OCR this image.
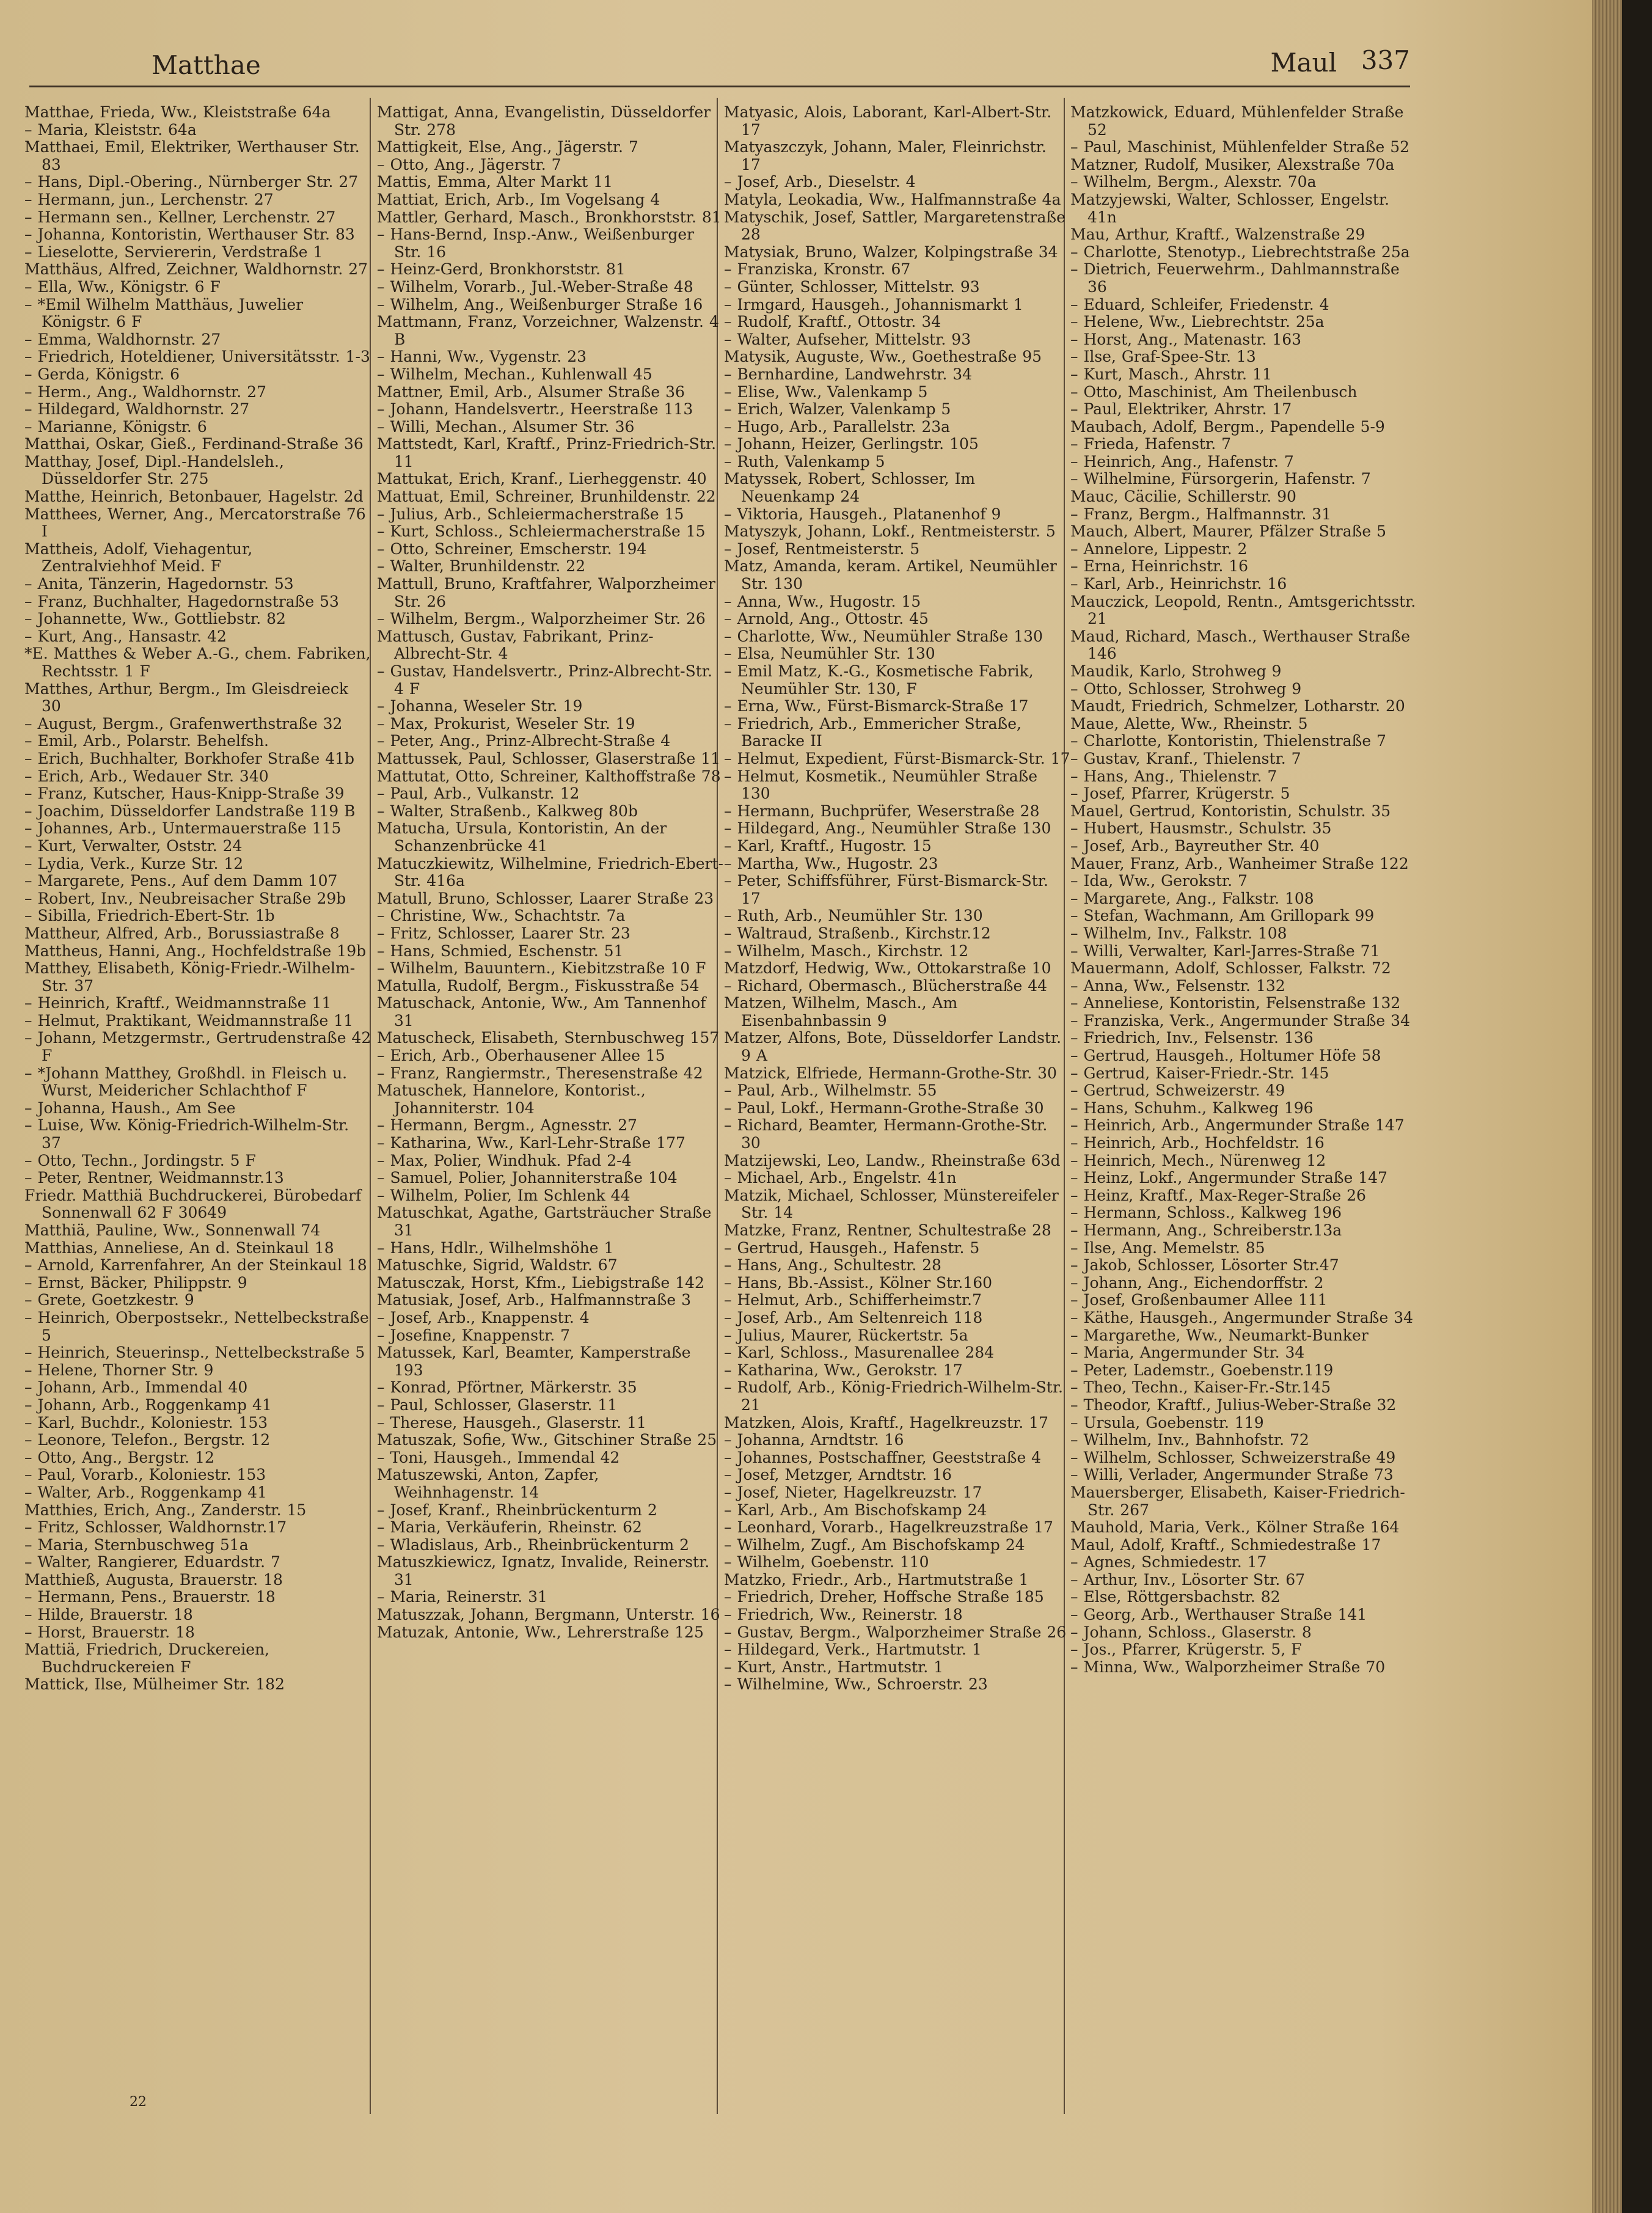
Matthae	Maul 337
Matthae, Frieda, Ww., Kleiststraße 64a
– Maria, Kleiststr. 64a
Matthaei, Emil, Elektriker, Werthauser Str. 83
– Hans, Dipl.-Obering., Nürnberger Str. 27
– Hermann, jun., Lerchenstr. 27
– Hermann sen., Kellner, Lerchenstr. 27
– Johanna, Kontoristin, Werthauser Str. 83
– Lieselotte, Serviererin, Verdstraße 1
Matthäus, Alfred, Zeichner, Waldhornstr. 27
– Ella, Ww., Königstr. 6 F
– *Emil Wilhelm Matthäus, Juwelier Königstr. 6 F
– Emma, Waldhornstr. 27
– Friedrich, Hoteldiener, Universitätsstr. 1-3
– Gerda, Königstr. 6
– Herm., Ang., Waldhornstr. 27
– Hildegard, Waldhornstr. 27
– Marianne, Königstr. 6
Matthai, Oskar, Gieß., Ferdinand-Straße 36
Matthay, Josef, Dipl.-Handelsleh., Düsseldorfer Str. 275
Matthe, Heinrich, Betonbauer, Hagelstr. 2d
Matthees, Werner, Ang., Mercatorstraße 76 I
Mattheis, Adolf, Viehagentur, Zentralviehhof Meid. F
– Anita, Tänzerin, Hagedornstr. 53
– Franz, Buchhalter, Hagedornstraße 53
– Johannette, Ww., Gottliebstr. 82
– Kurt, Ang., Hansastr. 42
*E. Matthes & Weber A.-G., chem. Fabriken, Rechtsstr. 1 F
Matthes, Arthur, Bergm., Im Gleisdreieck 30
– August, Bergm., Grafenwerthstraße 32
– Emil, Arb., Polarstr. Behelfsh.
– Erich, Buchhalter, Borkhofer Straße 41b
– Erich, Arb., Wedauer Str. 340
– Franz, Kutscher, Haus-Knipp-Straße 39
– Joachim, Düsseldorfer Landstraße 119 B
– Johannes, Arb., Untermauerstraße 115
– Kurt, Verwalter, Oststr. 24
– Lydia, Verk., Kurze Str. 12
– Margarete, Pens., Auf dem Damm 107
– Robert, Inv., Neubreisacher Straße 29b
– Sibilla, Friedrich-Ebert-Str. 1b
Mattheur, Alfred, Arb., Borussiastraße 8
Mattheus, Hanni, Ang., Hochfeldstraße 19b
Matthey, Elisabeth, König-Friedr.-Wilhelm-Str. 37
– Heinrich, Kraftf., Weidmannstraße 11
– Helmut, Praktikant, Weidmannstraße 11
– Johann, Metzgermstr., Gertrudenstraße 42 F
– *Johann Matthey, Großhdl. in Fleisch u. Wurst, Meidericher Schlachthof F
– Johanna, Haush., Am See
– Luise, Ww. König-Friedrich-Wilhelm-Str. 37
– Otto, Techn., Jordingstr. 5 F
– Peter, Rentner, Weidmannstr.13
Friedr. Matthiä Buchdruckerei, Bürobedarf Sonnenwall 62 F 30649
Matthiä, Pauline, Ww., Sonnenwall 74
Matthias, Anneliese, An d. Steinkaul 18
– Arnold, Karrenfahrer, An der Steinkaul 18
– Ernst, Bäcker, Philippstr. 9
– Grete, Goetzkestr. 9
– Heinrich, Oberpostsekr., Nettelbeckstraße 5
– Heinrich, Steuerinsp., Nettelbeckstraße 5
– Helene, Thorner Str. 9
– Johann, Arb., Immendal 40
– Johann, Arb., Roggenkamp 41
– Karl, Buchdr., Koloniestr. 153
– Leonore, Telefon., Bergstr. 12
– Otto, Ang., Bergstr. 12
– Paul, Vorarb., Koloniestr. 153
– Walter, Arb., Roggenkamp 41
Matthies, Erich, Ang., Zanderstr. 15
– Fritz, Schlosser, Waldhornstr.17
– Maria, Sternbuschweg 51a
– Walter, Rangierer, Eduardstr. 7
Matthieß, Augusta, Brauerstr. 18
– Hermann, Pens., Brauerstr. 18
– Hilde, Brauerstr. 18
– Horst, Brauerstr. 18
Mattiä, Friedrich, Druckereien, Buchdruckereien F
Mattick, Ilse, Mülheimer Str. 182
Mattigat, Anna, Evangelistin, Düsseldorfer Str. 278
Mattigkeit, Else, Ang., Jägerstr. 7
– Otto, Ang., Jägerstr. 7
Mattis, Emma, Alter Markt 11
Mattiat, Erich, Arb., Im Vogelsang 4
Mattler, Gerhard, Masch., Bronkhorststr. 81
– Hans-Bernd, Insp.-Anw., Weißenburger Str. 16
– Heinz-Gerd, Bronkhorststr. 81
– Wilhelm, Vorarb., Jul.-Weber-Straße 48
– Wilhelm, Ang., Weißenburger Straße 16
Mattmann, Franz, Vorzeichner, Walzenstr. 4 B
– Hanni, Ww., Vygenstr. 23
– Wilhelm, Mechan., Kuhlenwall 45
Mattner, Emil, Arb., Alsumer Straße 36
– Johann, Handelsvertr., Heerstraße 113
– Willi, Mechan., Alsumer Str. 36
Mattstedt, Karl, Kraftf., Prinz-Friedrich-Str. 11
Mattukat, Erich, Kranf., Lierheggenstr. 40
Mattuat, Emil, Schreiner, Brunhildenstr. 22
– Julius, Arb., Schleiermacherstraße 15
– Kurt, Schloss., Schleiermacherstraße 15
– Otto, Schreiner, Emscherstr. 194
– Walter, Brunhildenstr. 22
Mattull, Bruno, Kraftfahrer, Walporzheimer Str. 26
– Wilhelm, Bergm., Walporzheimer Str. 26
Mattusch, Gustav, Fabrikant, Prinz-Albrecht-Str. 4
– Gustav, Handelsvertr., Prinz-Albrecht-Str. 4 F
– Johanna, Weseler Str. 19
– Max, Prokurist, Weseler Str. 19
– Peter, Ang., Prinz-Albrecht-Straße 4
Mattussek, Paul, Schlosser, Glaserstraße 11
Mattutat, Otto, Schreiner, Kalthoffstraße 78
– Paul, Arb., Vulkanstr. 12
– Walter, Straßenb., Kalkweg 80b
Matucha, Ursula, Kontoristin, An der Schanzenbrücke 41
Matuczkiewitz, Wilhelmine, Friedrich-Ebert-Str. 416a
Matull, Bruno, Schlosser, Laarer Straße 23
– Christine, Ww., Schachtstr. 7a
– Fritz, Schlosser, Laarer Str. 23
– Hans, Schmied, Eschenstr. 51
– Wilhelm, Bauuntern., Kiebitzstraße 10 F
Matulla, Rudolf, Bergm., Fiskusstraße 54
Matuschack, Antonie, Ww., Am Tannenhof 31
Matuscheck, Elisabeth, Sternbuschweg 157
– Erich, Arb., Oberhausener Allee 15
– Franz, Rangiermstr., Theresenstraße 42
Matuschek, Hannelore, Kontorist., Johanniterstr. 104
– Hermann, Bergm., Agnesstr. 27
– Katharina, Ww., Karl-Lehr-Straße 177
– Max, Polier, Windhuk. Pfad 2-4
– Samuel, Polier, Johanniterstraße 104
– Wilhelm, Polier, Im Schlenk 44
Matuschkat, Agathe, Gartsträucher Straße 31
– Hans, Hdlr., Wilhelmshöhe 1
Matuschke, Sigrid, Waldstr. 67
Matusczak, Horst, Kfm., Liebigstraße 142
Matusiak, Josef, Arb., Halfmannstraße 3
– Josef, Arb., Knappenstr. 4
– Josefine, Knappenstr. 7
Matussek, Karl, Beamter, Kamperstraße 193
– Konrad, Pförtner, Märkerstr. 35
– Paul, Schlosser, Glaserstr. 11
– Therese, Hausgeh., Glaserstr. 11
Matuszak, Sofie, Ww., Gitschiner Straße 25
– Toni, Hausgeh., Immendal 42
Matuszewski, Anton, Zapfer, Weihnhagenstr. 14
– Josef, Kranf., Rheinbrückenturm 2
– Maria, Verkäuferin, Rheinstr. 62
– Wladislaus, Arb., Rheinbrückenturm 2
Matuszkiewicz, Ignatz, Invalide, Reinerstr. 31
– Maria, Reinerstr. 31
Matuszzak, Johann, Bergmann, Unterstr. 16
Matuzak, Antonie, Ww., Lehrerstraße 125
Matyasic, Alois, Laborant, Karl-Albert-Str. 17
Matyaszczyk, Johann, Maler, Fleinrichstr. 17
– Josef, Arb., Dieselstr. 4
Matyla, Leokadia, Ww., Halfmannstraße 4a
Matyschik, Josef, Sattler, Margaretenstraße 28
Matysiak, Bruno, Walzer, Kolpingstraße 34
– Franziska, Kronstr. 67
– Günter, Schlosser, Mittelstr. 93
– Irmgard, Hausgeh., Johannismarkt 1
– Rudolf, Kraftf., Ottostr. 34
– Walter, Aufseher, Mittelstr. 93
Matysik, Auguste, Ww., Goethestraße 95
– Bernhardine, Landwehrstr. 34
– Elise, Ww., Valenkamp 5
– Erich, Walzer, Valenkamp 5
– Hugo, Arb., Parallelstr. 23a
– Johann, Heizer, Gerlingstr. 105
– Ruth, Valenkamp 5
Matyssek, Robert, Schlosser, Im Neuenkamp 24
– Viktoria, Hausgeh., Platanenhof 9
Matyszyk, Johann, Lokf., Rentmeisterstr. 5
– Josef, Rentmeisterstr. 5
Matz, Amanda, keram. Artikel, Neumühler Str. 130
– Anna, Ww., Hugostr. 15
– Arnold, Ang., Ottostr. 45
– Charlotte, Ww., Neumühler Straße 130
– Elsa, Neumühler Str. 130
– Emil Matz, K.-G., Kosmetische Fabrik, Neumühler Str. 130, F
– Erna, Ww., Fürst-Bismarck-Straße 17
– Friedrich, Arb., Emmericher Straße, Baracke II
– Helmut, Expedient, Fürst-Bismarck-Str. 17
– Helmut, Kosmetik., Neumühler Straße 130
– Hermann, Buchprüfer, Weserstraße 28
– Hildegard, Ang., Neumühler Straße 130
– Karl, Kraftf., Hugostr. 15
– Martha, Ww., Hugostr. 23
– Peter, Schiffsführer, Fürst-Bismarck-Str. 17
– Ruth, Arb., Neumühler Str. 130
– Waltraud, Straßenb., Kirchstr.12
– Wilhelm, Masch., Kirchstr. 12
Matzdorf, Hedwig, Ww., Ottokarstraße 10
– Richard, Obermasch., Blücherstraße 44
Matzen, Wilhelm, Masch., Am Eisenbahnbassin 9
Matzer, Alfons, Bote, Düsseldorfer Landstr. 9 A
Matzick, Elfriede, Hermann-Grothe-Str. 30
– Paul, Arb., Wilhelmstr. 55
– Paul, Lokf., Hermann-Grothe-Straße 30
– Richard, Beamter, Hermann-Grothe-Str. 30
Matzijewski, Leo, Landw., Rheinstraße 63d
– Michael, Arb., Engelstr. 41n
Matzik, Michael, Schlosser, Münstereifeler Str. 14
Matzke, Franz, Rentner, Schultestraße 28
– Gertrud, Hausgeh., Hafenstr. 5
– Hans, Ang., Schultestr. 28
– Hans, Bb.-Assist., Kölner Str.160
– Helmut, Arb., Schifferheimstr.7
– Josef, Arb., Am Seltenreich 118
– Julius, Maurer, Rückertstr. 5a
– Karl, Schloss., Masurenallee 284
– Katharina, Ww., Gerokstr. 17
– Rudolf, Arb., König-Friedrich-Wilhelm-Str. 21
Matzken, Alois, Kraftf., Hagelkreuzstr. 17
– Johanna, Arndtstr. 16
– Johannes, Postschaffner, Geeststraße 4
– Josef, Metzger, Arndtstr. 16
– Josef, Nieter, Hagelkreuzstr. 17
– Karl, Arb., Am Bischofskamp 24
– Leonhard, Vorarb., Hagelkreuzstraße 17
– Wilhelm, Zugf., Am Bischofskamp 24
– Wilhelm, Goebenstr. 110
Matzko, Friedr., Arb., Hartmutstraße 1
– Friedrich, Dreher, Hoffsche Straße 185
– Friedrich, Ww., Reinerstr. 18
– Gustav, Bergm., Walporzheimer Straße 26
– Hildegard, Verk., Hartmutstr. 1
– Kurt, Anstr., Hartmutstr. 1
– Wilhelmine, Ww., Schroerstr. 23
Matzkowick, Eduard, Mühlenfelder Straße 52
– Paul, Maschinist, Mühlenfelder Straße 52
Matzner, Rudolf, Musiker, Alexstraße 70a
– Wilhelm, Bergm., Alexstr. 70a
Matzyjewski, Walter, Schlosser, Engelstr. 41n
Mau, Arthur, Kraftf., Walzenstraße 29
– Charlotte, Stenotyp., Liebrechtstraße 25a
– Dietrich, Feuerwehrm., Dahlmannstraße 36
– Eduard, Schleifer, Friedenstr. 4
– Helene, Ww., Liebrechtstr. 25a
– Horst, Ang., Matenastr. 163
– Ilse, Graf-Spee-Str. 13
– Kurt, Masch., Ahrstr. 11
– Otto, Maschinist, Am Theilenbusch
– Paul, Elektriker, Ahrstr. 17
Maubach, Adolf, Bergm., Papendelle 5-9
– Frieda, Hafenstr. 7
– Heinrich, Ang., Hafenstr. 7
– Wilhelmine, Fürsorgerin, Hafenstr. 7
Mauc, Cäcilie, Schillerstr. 90
– Franz, Bergm., Halfmannstr. 31
Mauch, Albert, Maurer, Pfälzer Straße 5
– Annelore, Lippestr. 2
– Erna, Heinrichstr. 16
– Karl, Arb., Heinrichstr. 16
Mauczick, Leopold, Rentn., Amtsgerichtsstr. 21
Maud, Richard, Masch., Werthauser Straße 146
Maudik, Karlo, Strohweg 9
– Otto, Schlosser, Strohweg 9
Maudt, Friedrich, Schmelzer, Lotharstr. 20
Maue, Alette, Ww., Rheinstr. 5
– Charlotte, Kontoristin, Thielenstraße 7
– Gustav, Kranf., Thielenstr. 7
– Hans, Ang., Thielenstr. 7
– Josef, Pfarrer, Krügerstr. 5
Mauel, Gertrud, Kontoristin, Schulstr. 35
– Hubert, Hausmstr., Schulstr. 35
– Josef, Arb., Bayreuther Str. 40
Mauer, Franz, Arb., Wanheimer Straße 122
– Ida, Ww., Gerokstr. 7
– Margarete, Ang., Falkstr. 108
– Stefan, Wachmann, Am Grillopark 99
– Wilhelm, Inv., Falkstr. 108
– Willi, Verwalter, Karl-Jarres-Straße 71
Mauermann, Adolf, Schlosser, Falkstr. 72
– Anna, Ww., Felsenstr. 132
– Anneliese, Kontoristin, Felsenstraße 132
– Franziska, Verk., Angermunder Straße 34
– Friedrich, Inv., Felsenstr. 136
– Gertrud, Hausgeh., Holtumer Höfe 58
– Gertrud, Kaiser-Friedr.-Str. 145
– Gertrud, Schweizerstr. 49
– Hans, Schuhm., Kalkweg 196
– Heinrich, Arb., Angermunder Straße 147
– Heinrich, Arb., Hochfeldstr. 16
– Heinrich, Mech., Nürenweg 12
– Heinz, Lokf., Angermunder Straße 147
– Heinz, Kraftf., Max-Reger-Straße 26
– Hermann, Schloss., Kalkweg 196
– Hermann, Ang., Schreiberstr.13a
– Ilse, Ang. Memelstr. 85
– Jakob, Schlosser, Lösorter Str.47
– Johann, Ang., Eichendorffstr. 2
– Josef, Großenbaumer Allee 111
– Käthe, Hausgeh., Angermunder Straße 34
– Margarethe, Ww., Neumarkt-Bunker
– Maria, Angermunder Str. 34
– Peter, Lademstr., Goebenstr.119
– Theo, Techn., Kaiser-Fr.-Str.145
– Theodor, Kraftf., Julius-Weber-Straße 32
– Ursula, Goebenstr. 119
– Wilhelm, Inv., Bahnhofstr. 72
– Wilhelm, Schlosser, Schweizerstraße 49
– Willi, Verlader, Angermunder Straße 73
Mauersberger, Elisabeth, Kaiser-Friedrich-Str. 267
Mauhold, Maria, Verk., Kölner Straße 164
Maul, Adolf, Kraftf., Schmiedestraße 17
– Agnes, Schmiedestr. 17
– Arthur, Inv., Lösorter Str. 67
– Else, Röttgersbachstr. 82
– Georg, Arb., Werthauser Straße 141
– Johann, Schloss., Glaserstr. 8
– Jos., Pfarrer, Krügerstr. 5, F
– Minna, Ww., Walporzheimer Straße 70
22
